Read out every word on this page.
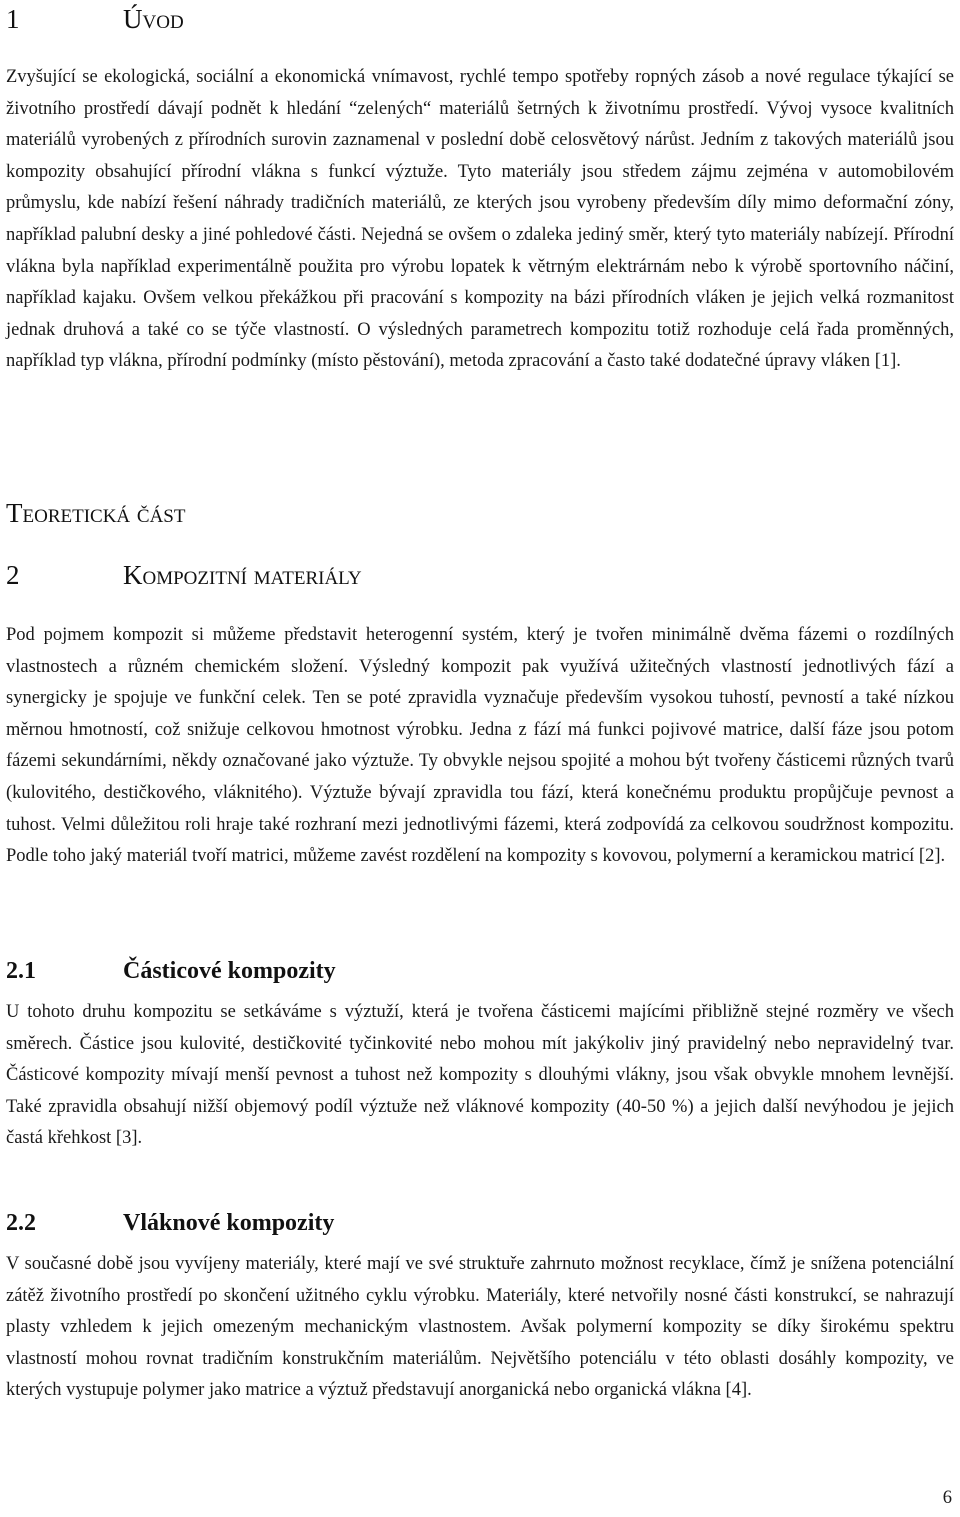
1	Úvod

Zvyšující se ekologická, sociální a ekonomická vnímavost, rychlé tempo spotřeby ropných zásob a nové regulace týkající se životního prostředí dávají podnět k hledání “zelených“ materiálů šetrných k životnímu prostředí. Vývoj vysoce kvalitních materiálů vyrobených z přírodních surovin zaznamenal v poslední době celosvětový nárůst. Jedním z takových materiálů jsou kompozity obsahující přírodní vlákna s funkcí výztuže. Tyto materiály jsou středem zájmu zejména v automobilovém průmyslu, kde nabízí řešení náhrady tradičních materiálů, ze kterých jsou vyrobeny především díly mimo deformační zóny, například palubní desky a jiné pohledové části. Nejedná se ovšem o zdaleka jediný směr, který tyto materiály nabízejí. Přírodní vlákna byla například experimentálně použita pro výrobu lopatek k větrným elektrárnám nebo k výrobě sportovního náčiní, například kajaku. Ovšem velkou překážkou při pracování s kompozity na bázi přírodních vláken je jejich velká rozmanitost jednak druhová a také co se týče vlastností. O výsledných parametrech kompozitu totiž rozhoduje celá řada proměnných, například typ vlákna, přírodní podmínky (místo pěstování), metoda zpracování a často také dodatečné úpravy vláken [1].

Teoretická část
2	Kompozitní materiály

Pod pojmem kompozit si můžeme představit heterogenní systém, který je tvořen minimálně dvěma fázemi o rozdílných vlastnostech a různém chemickém složení. Výsledný kompozit pak využívá užitečných vlastností jednotlivých fází a synergicky je spojuje ve funkční celek. Ten se poté zpravidla vyznačuje především vysokou tuhostí, pevností a také nízkou měrnou hmotností, což snižuje celkovou hmotnost výrobku. Jedna z fází má funkci pojivové matrice, další fáze jsou potom fázemi sekundárními, někdy označované jako výztuže. Ty obvykle nejsou spojité a mohou být tvořeny částicemi různých tvarů (kulovitého, destičkového, vláknitého). Výztuže bývají zpravidla tou fází, která konečnému produktu propůjčuje pevnost a tuhost. Velmi důležitou roli hraje také rozhraní mezi jednotlivými fázemi, která zodpovídá za celkovou soudržnost kompozitu. Podle toho jaký materiál tvoří matrici, můžeme zavést rozdělení na kompozity s kovovou, polymerní a keramickou matricí [2].

2.1	Částicové kompozity

U tohoto druhu kompozitu se setkáváme s výztuží, která je tvořena částicemi majícími přibližně stejné rozměry ve všech směrech. Částice jsou kulovité, destičkovité tyčinkovité nebo mohou mít jakýkoliv jiný pravidelný nebo nepravidelný tvar. Částicové kompozity mívají menší pevnost a tuhost než kompozity s dlouhými vlákny, jsou však obvykle mnohem levnější. Také zpravidla obsahují nižší objemový podíl výztuže než vláknové kompozity (40-50 %) a jejich další nevýhodou je jejich častá křehkost [3].

2.2	Vláknové kompozity

V současné době jsou vyvíjeny materiály, které mají ve své struktuře zahrnuto možnost recyklace, čímž je snížena potenciální zátěž životního prostředí po skončení užitného cyklu výrobku. Materiály, které netvořily nosné části konstrukcí, se nahrazují plasty vzhledem k jejich omezeným mechanickým vlastnostem. Avšak polymerní kompozity se díky širokému spektru vlastností mohou rovnat tradičním konstrukčním materiálům. Největšího potenciálu v této oblasti dosáhly kompozity, ve kterých vystupuje polymer jako matrice a výztuž představují anorganická nebo organická vlákna [4].

6
